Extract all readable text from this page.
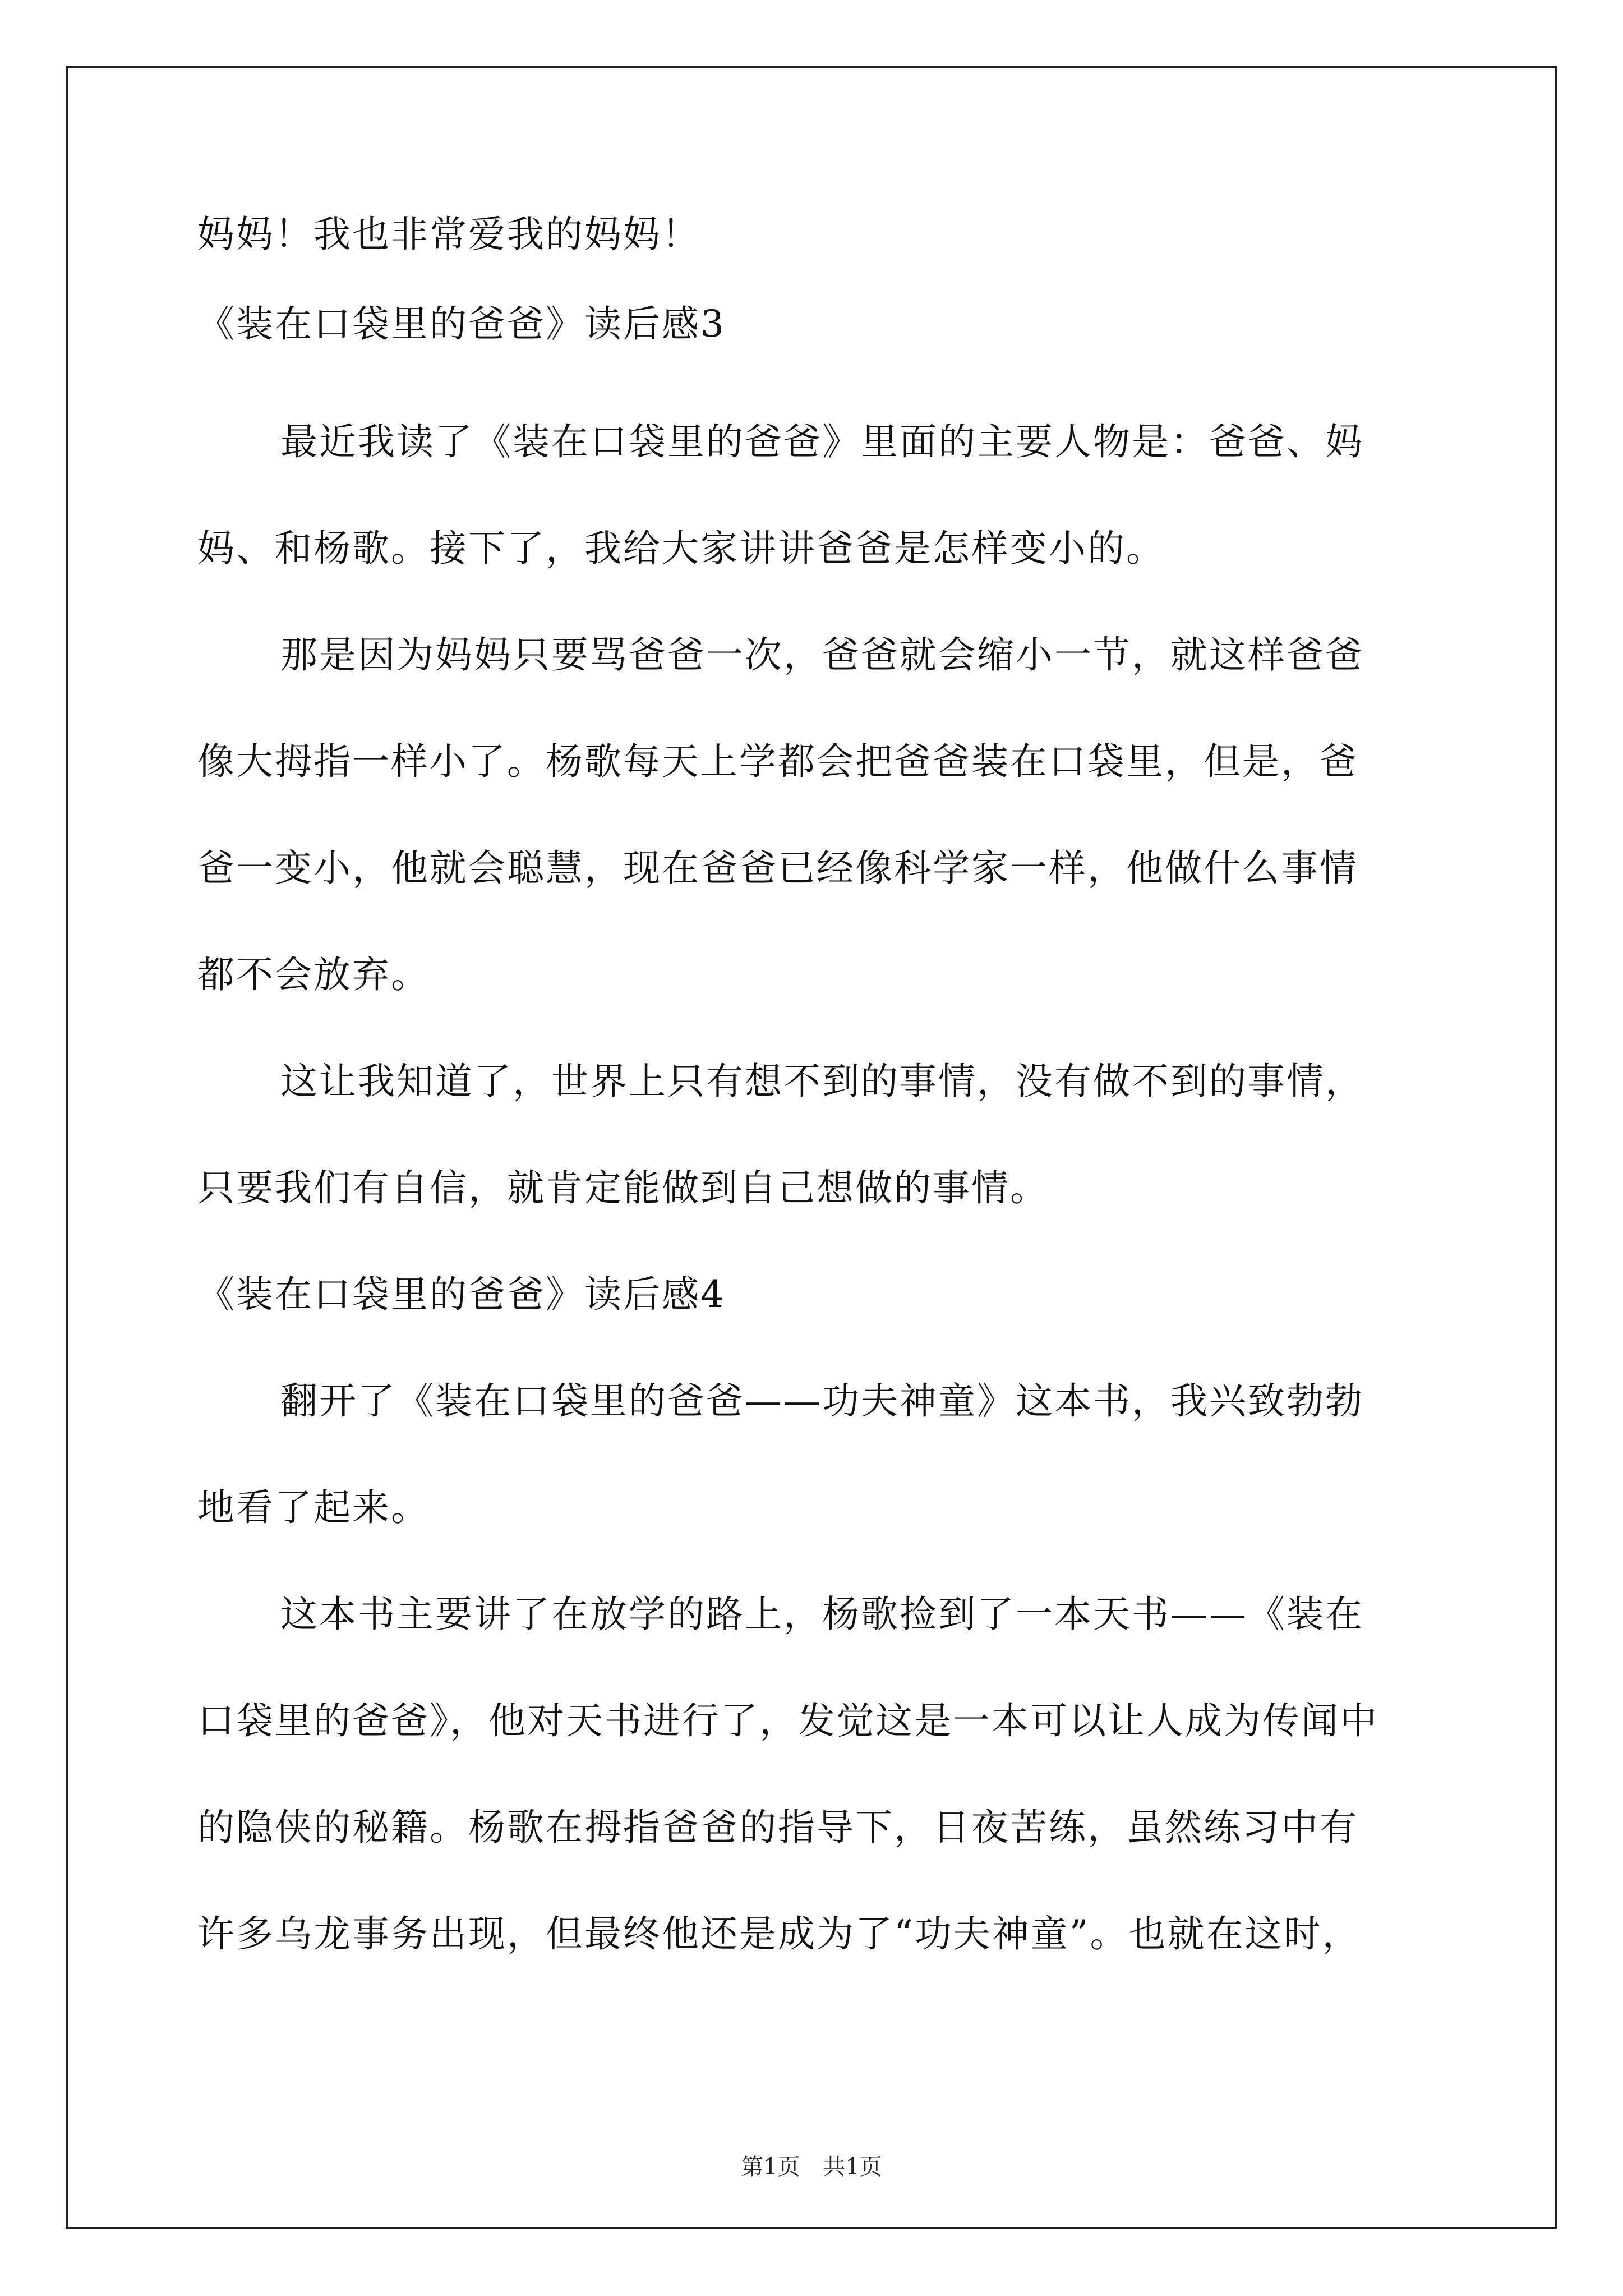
妈妈！我也非常爱我的妈妈！
《装在口袋里的爸爸》读后感3
最近我读了《装在口袋里的爸爸》里面的主要人物是：爸爸、妈
妈、和杨歌。接下了，我给大家讲讲爸爸是怎样变小的。
那是因为妈妈只要骂爸爸一次，爸爸就会缩小一节，就这样爸爸
像大拇指一样小了。杨歌每天上学都会把爸爸装在口袋里，但是，爸
爸一变小，他就会聪慧，现在爸爸已经像科学家一样，他做什么事情
都不会放弃。
这让我知道了，世界上只有想不到的事情，没有做不到的事情，
只要我们有自信，就肯定能做到自己想做的事情。
《装在口袋里的爸爸》读后感4
翻开了《装在口袋里的爸爸——功夫神童》这本书，我兴致勃勃
地看了起来。
这本书主要讲了在放学的路上，杨歌捡到了一本天书——《装在
口袋里的爸爸》，他对天书进行了，发觉这是一本可以让人成为传闻中
的隐侠的秘籍。杨歌在拇指爸爸的指导下，日夜苦练，虽然练习中有
许多乌龙事务出现，但最终他还是成为了“功夫神童”。也就在这时，
第1页 共1页
